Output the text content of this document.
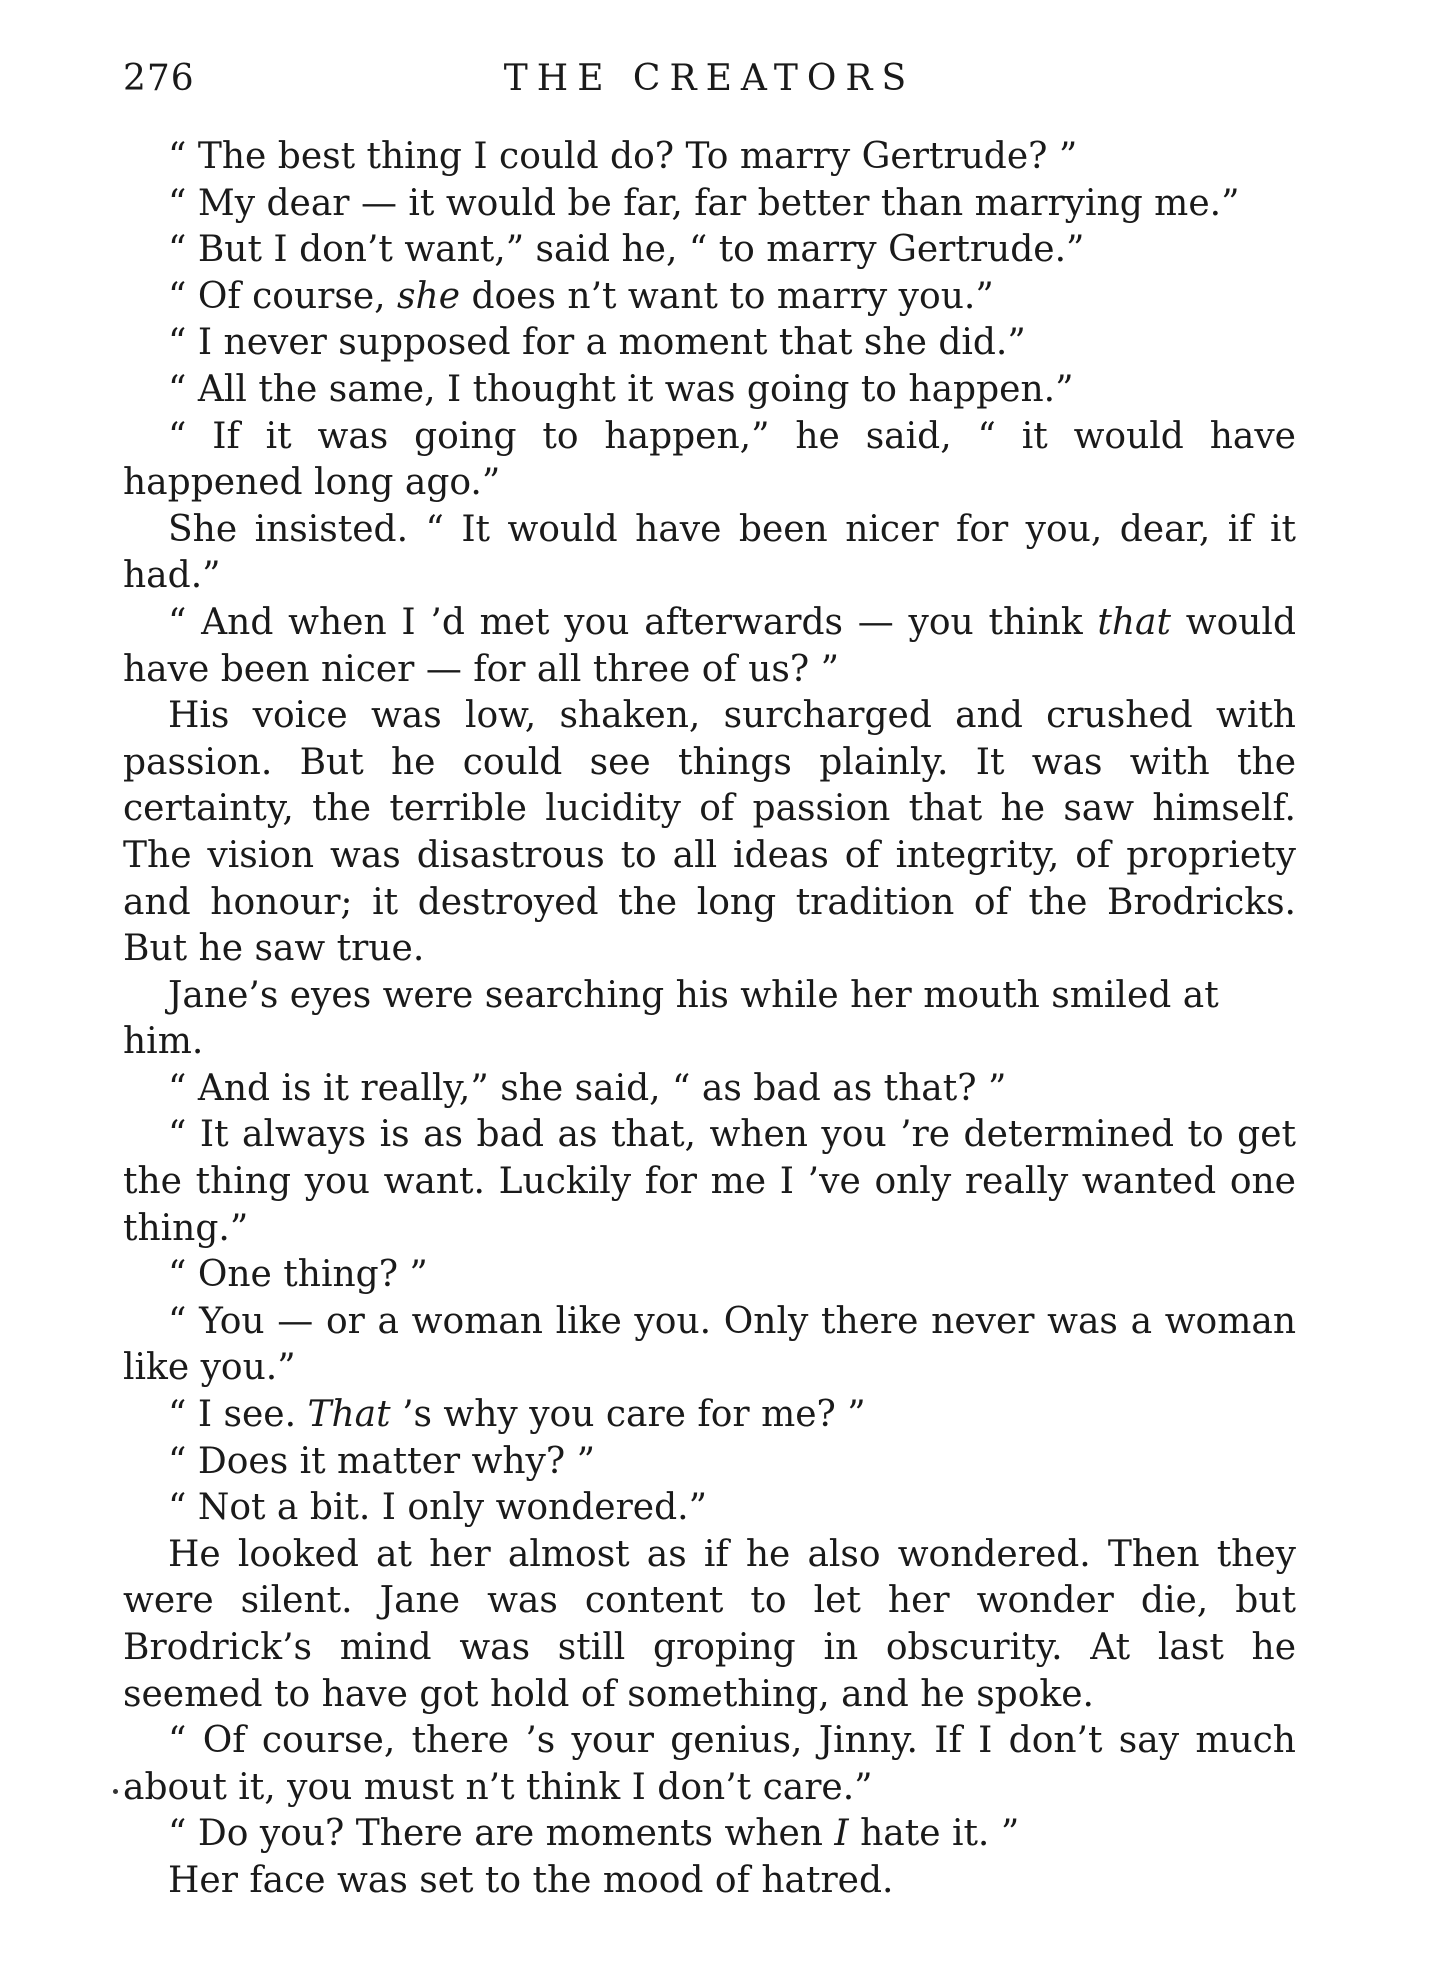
276	THE CREATORS

“ The best thing I could do? To marry Gertrude? ”

“ My dear — it would be far, far better than marrying me.”

“ But I don’t want,” said he, “ to marry Gertrude.”

“ Of course, she does n’t want to marry you.”

“ I never supposed for a moment that she did.”

“ All the same, I thought it was going to happen.”

“ If it was going to happen,” he said, “ it would have happened long ago.”

She insisted. “ It would have been nicer for you, dear, if it had.”

“ And when I ’d met you afterwards — you think that would have been nicer — for all three of us? ”

His voice was low, shaken, surcharged and crushed with passion. But he could see things plainly. It was with the certainty, the terrible lucidity of passion that he saw himself. The vision was disastrous to all ideas of integrity, of propriety and honour; it destroyed the long tradition of the Brodricks. But he saw true.

Jane’s eyes were searching his while her mouth smiled at him.

“ And is it really,” she said, “ as bad as that? ”

“ It always is as bad as that, when you ’re determined to get the thing you want. Luckily for me I ’ve only really wanted one thing.”

“ One thing? ”

“ You — or a woman like you. Only there never was a woman like you.”

“ I see. That ’s why you care for me? ”

“ Does it matter why? ”

“ Not a bit. I only wondered.”

He looked at her almost as if he also wondered. Then they were silent. Jane was content to let her wonder die, but Brodrick’s mind was still groping in obscurity. At last he seemed to have got hold of something, and he spoke.

“ Of course, there ’s your genius, Jinny. If I don’t say much about it, you must n’t think I don’t care.”

“ Do you? There are moments when I hate it. ”

Her face was set to the mood of hatred.
